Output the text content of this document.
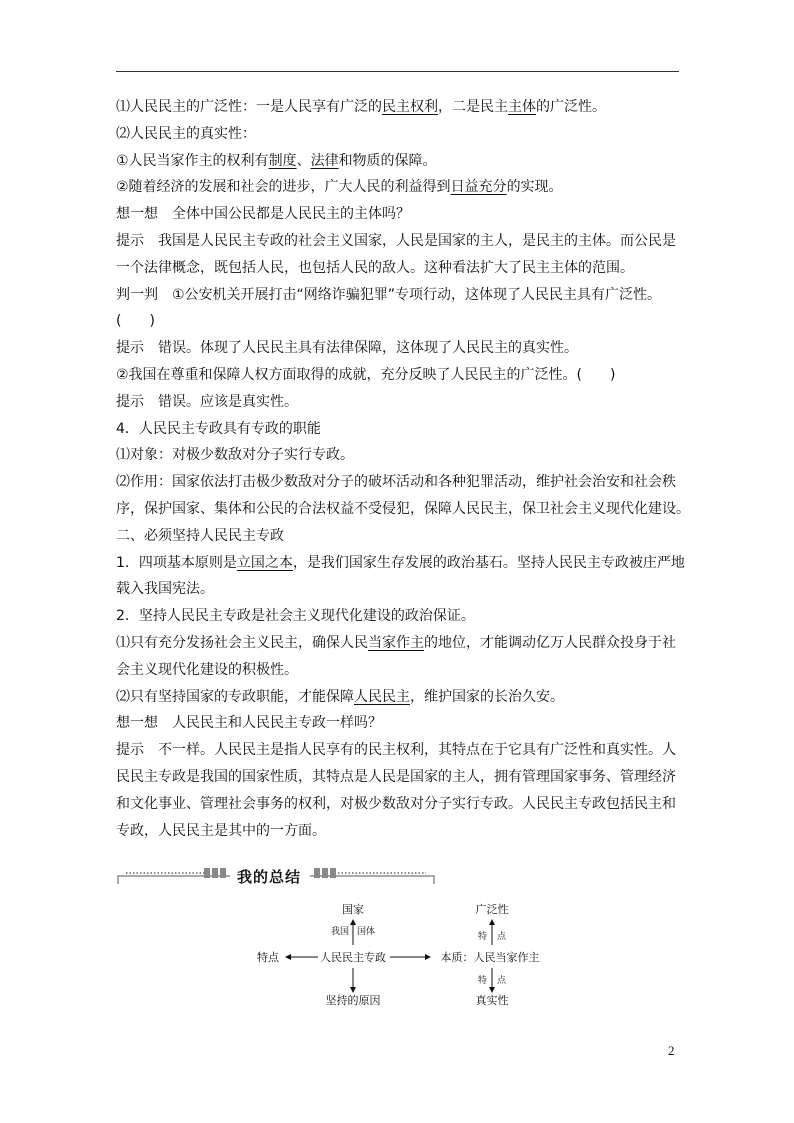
⑴人民民主的广泛性：一是人民享有广泛的民主权利，二是民主主体的广泛性。

⑵人民民主的真实性：

①人民当家作主的权利有制度、法律和物质的保障。

②随着经济的发展和社会的进步，广大人民的利益得到日益充分的实现。

想一想 全体中国公民都是人民民主的主体吗？

提示 我国是人民民主专政的社会主义国家，人民是国家的主人，是民主的主体。而公民是

一个法律概念，既包括人民，也包括人民的敌人。这种看法扩大了民主主体的范围。

判一判 ①公安机关开展打击“网络诈骗犯罪”专项行动，这体现了人民民主具有广泛性。

(　　)

提示 错误。体现了人民民主具有法律保障，这体现了人民民主的真实性。

②我国在尊重和保障人权方面取得的成就，充分反映了人民民主的广泛性。(　　)

提示 错误。应该是真实性。

4．人民民主专政具有专政的职能

⑴对象：对极少数敌对分子实行专政。

⑵作用：国家依法打击极少数敌对分子的破坏活动和各种犯罪活动，维护社会治安和社会秩

序，保护国家、集体和公民的合法权益不受侵犯，保障人民民主，保卫社会主义现代化建设。

二、必须坚持人民民主专政

1．四项基本原则是立国之本，是我们国家生存发展的政治基石。坚持人民民主专政被庄严地

载入我国宪法。

2．坚持人民民主专政是社会主义现代化建设的政治保证。

⑴只有充分发扬社会主义民主，确保人民当家作主的地位，才能调动亿万人民群众投身于社

会主义现代化建设的积极性。

⑵只有坚持国家的专政职能，才能保障人民民主，维护国家的长治久安。

想一想 人民民主和人民民主专政一样吗？

提示 不一样。人民民主是指人民享有的民主权利，其特点在于它具有广泛性和真实性。人

民民主专政是我国的国家性质，其特点是人民是国家的主人，拥有管理国家事务、管理经济

和文化事业、管理社会事务的权利，对极少数敌对分子实行专政。人民民主专政包括民主和

专政，人民民主是其中的一方面。

我的总结
国家
我国 国体
人民民主专政
特点
坚持的原因
广泛性
特 点
本质：人民当家作主
特 点
真实性
2
